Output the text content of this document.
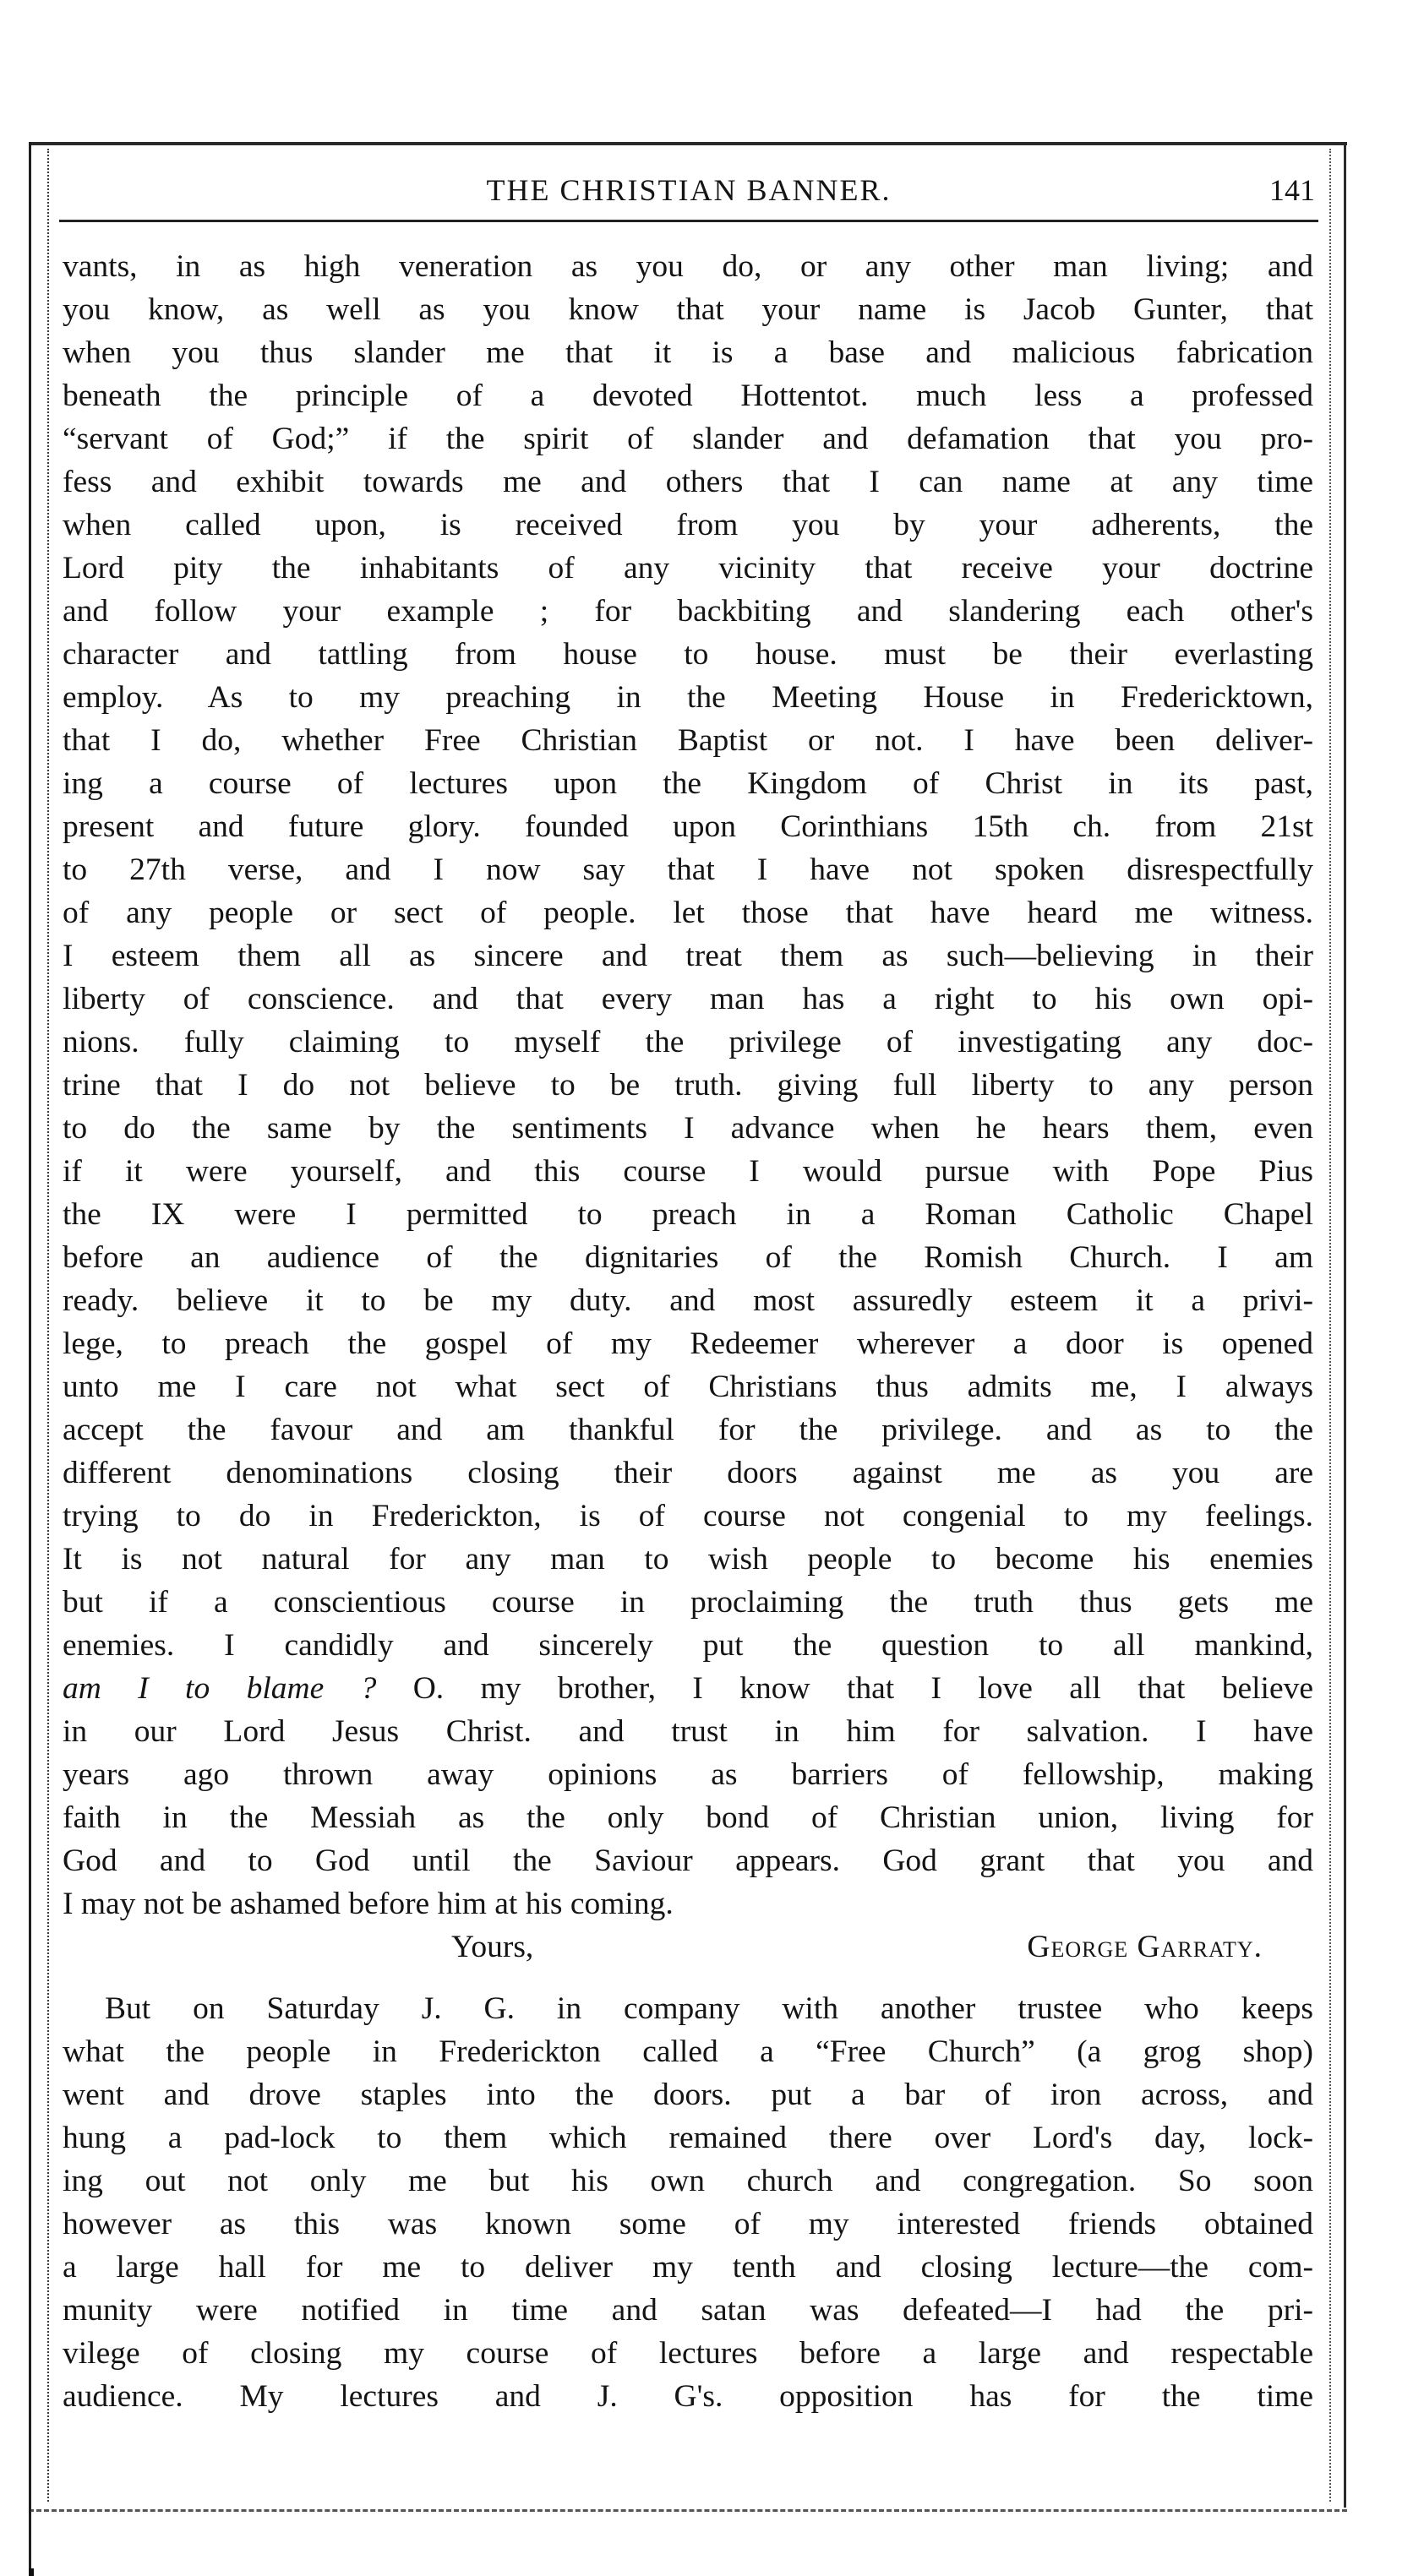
THE CHRISTIAN BANNER.	141
vants, in as high veneration as you do, or any other man living; and
you know, as well as you know that your name is Jacob Gunter, that
when you thus slander me that it is a base and malicious fabrication
beneath the principle of a devoted Hottentot. much less a professed
“servant of God;” if the spirit of slander and defamation that you pro-
fess and exhibit towards me and others that I can name at any time
when called upon, is received from you by your adherents, the
Lord pity the inhabitants of any vicinity that receive your doctrine
and follow your example ; for backbiting and slandering each other's
character and tattling from house to house. must be their everlasting
employ. As to my preaching in the Meeting House in Fredericktown,
that I do, whether Free Christian Baptist or not. I have been deliver-
ing a course of lectures upon the Kingdom of Christ in its past,
present and future glory. founded upon Corinthians 15th ch. from 21st
to 27th verse, and I now say that I have not spoken disrespectfully
of any people or sect of people. let those that have heard me witness.
I esteem them all as sincere and treat them as such—believing in their
liberty of conscience. and that every man has a right to his own opi-
nions. fully claiming to myself the privilege of investigating any doc-
trine that I do not believe to be truth. giving full liberty to any person
to do the same by the sentiments I advance when he hears them, even
if it were yourself, and this course I would pursue with Pope Pius
the IX were I permitted to preach in a Roman Catholic Chapel
before an audience of the dignitaries of the Romish Church. I am
ready. believe it to be my duty. and most assuredly esteem it a privi-
lege, to preach the gospel of my Redeemer wherever a door is opened
unto me I care not what sect of Christians thus admits me, I always
accept the favour and am thankful for the privilege. and as to the
different denominations closing their doors against me as you are
trying to do in Frederickton, is of course not congenial to my feelings.
It is not natural for any man to wish people to become his enemies
but if a conscientious course in proclaiming the truth thus gets me
enemies. I candidly and sincerely put the question to all mankind,
am I to blame ? O. my brother, I know that I love all that believe
in our Lord Jesus Christ. and trust in him for salvation. I have
years ago thrown away opinions as barriers of fellowship, making
faith in the Messiah as the only bond of Christian union, living for
God and to God until the Saviour appears. God grant that you and
I may not be ashamed before him at his coming.
Yours,	George Garraty.
But on Saturday J. G. in company with another trustee who keeps
what the people in Frederickton called a “Free Church” (a grog shop)
went and drove staples into the doors. put a bar of iron across, and
hung a pad-lock to them which remained there over Lord's day, lock-
ing out not only me but his own church and congregation. So soon
however as this was known some of my interested friends obtained
a large hall for me to deliver my tenth and closing lecture—the com-
munity were notified in time and satan was defeated—I had the pri-
vilege of closing my course of lectures before a large and respectable
audience. My lectures and J. G's. opposition has for the time
